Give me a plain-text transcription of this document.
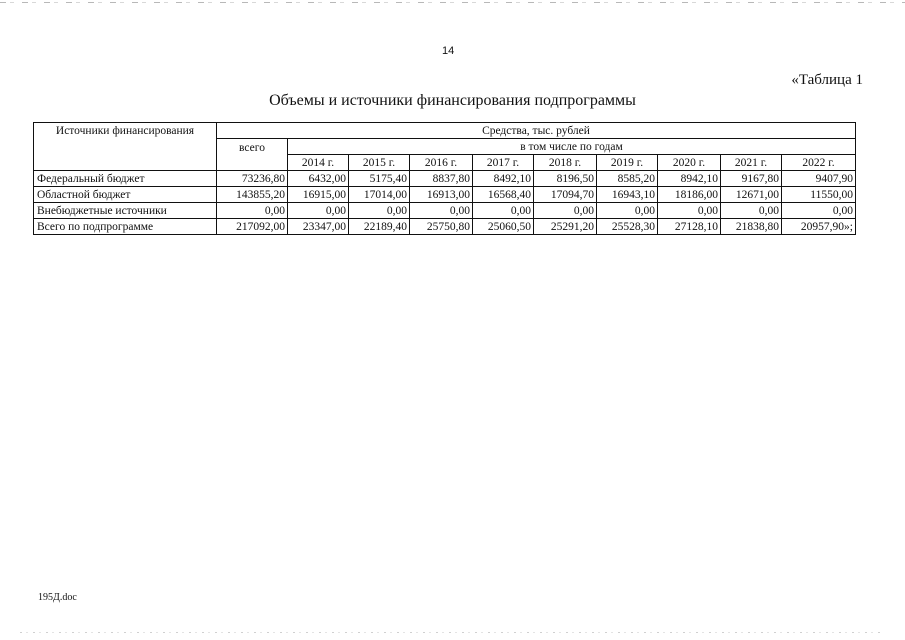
14
«Таблица 1
Объемы и источники финансирования подпрограммы
Источники финансирования	Средства, тыс. рублей									
	всего	в том числе по годам								
		2014 г.	2015 г.	2016 г.	2017 г.	2018 г.	2019 г.	2020 г.	2021 г.	2022 г.
Федеральный бюджет	73236,80	6432,00	5175,40	8837,80	8492,10	8196,50	8585,20	8942,10	9167,80	9407,90
Областной бюджет	143855,20	16915,00	17014,00	16913,00	16568,40	17094,70	16943,10	18186,00	12671,00	11550,00
Внебюджетные источники	0,00	0,00	0,00	0,00	0,00	0,00	0,00	0,00	0,00	0,00
Всего по подпрограмме	217092,00	23347,00	22189,40	25750,80	25060,50	25291,20	25528,30	27128,10	21838,80	20957,90»;
195Д.doc
